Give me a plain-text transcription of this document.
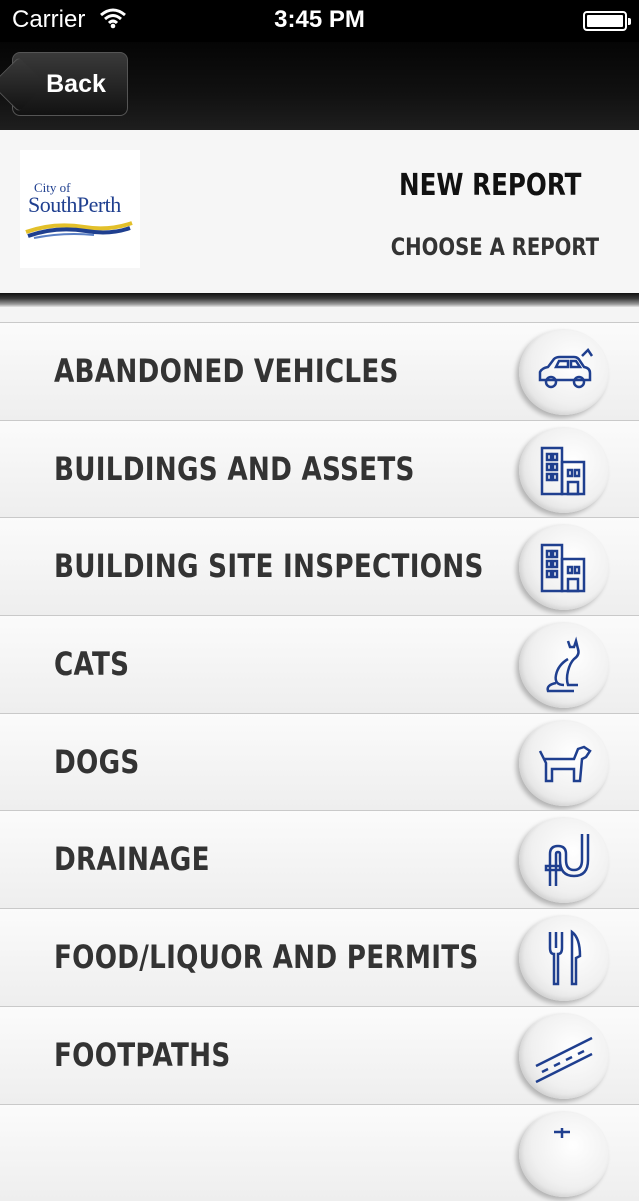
Carrier	3:45 PM
Back
City of
SouthPerth
NEW REPORT
CHOOSE A REPORT
ABANDONED VEHICLES
BUILDINGS AND ASSETS
BUILDING SITE INSPECTIONS
CATS
DOGS
DRAINAGE
FOOD/LIQUOR AND PERMITS
FOOTPATHS
